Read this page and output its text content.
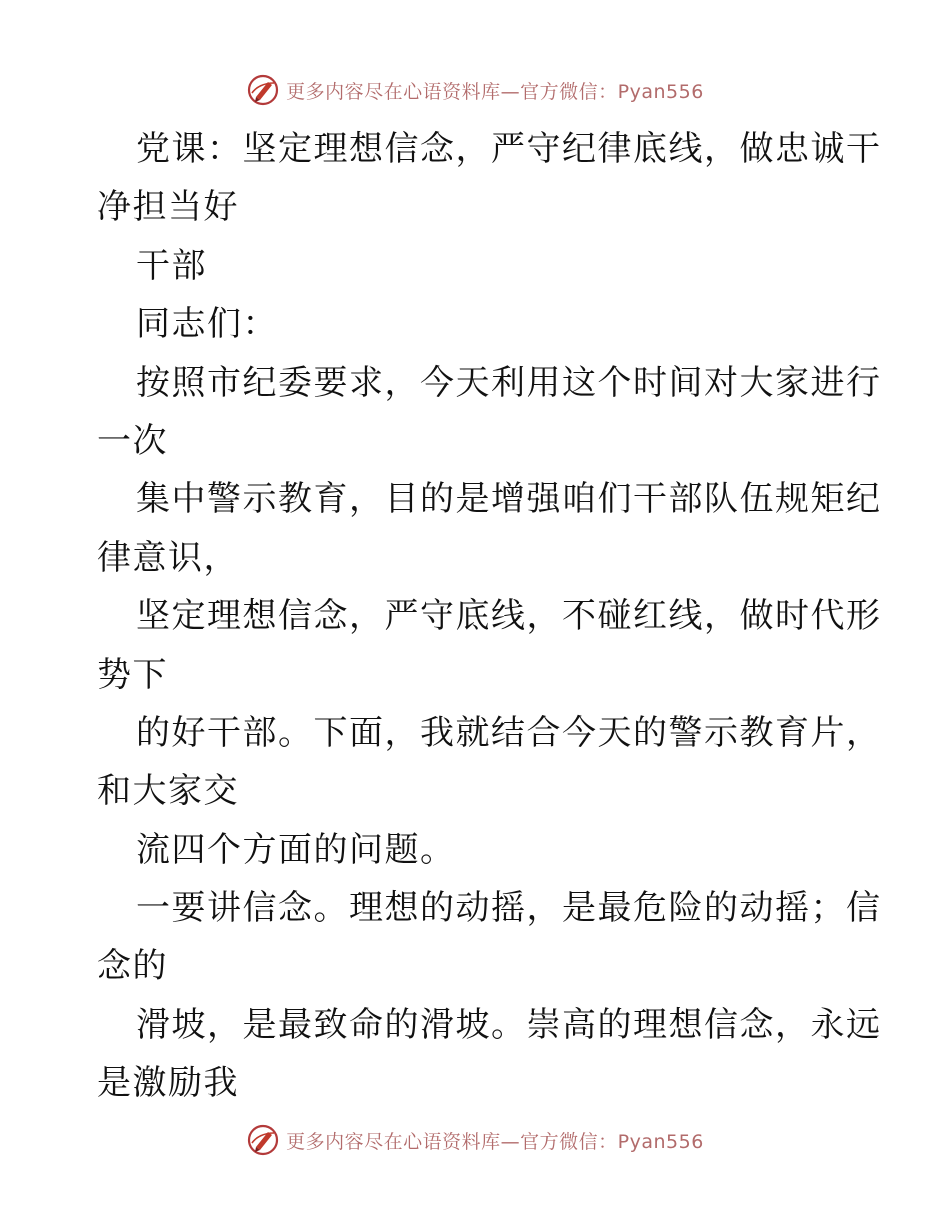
更多内容尽在心语资料库—官方微信：Pyan556
党课：坚定理想信念，严守纪律底线，做忠诚干
净担当好
干部
同志们：
按照市纪委要求，今天利用这个时间对大家进行
一次
集中警示教育，目的是增强咱们干部队伍规矩纪
律意识，
坚定理想信念，严守底线，不碰红线，做时代形
势下
的好干部。下面，我就结合今天的警示教育片，
和大家交
流四个方面的问题。
一要讲信念。理想的动摇，是最危险的动摇；信
念的
滑坡，是最致命的滑坡。崇高的理想信念，永远
是激励我
更多内容尽在心语资料库—官方微信：Pyan556
